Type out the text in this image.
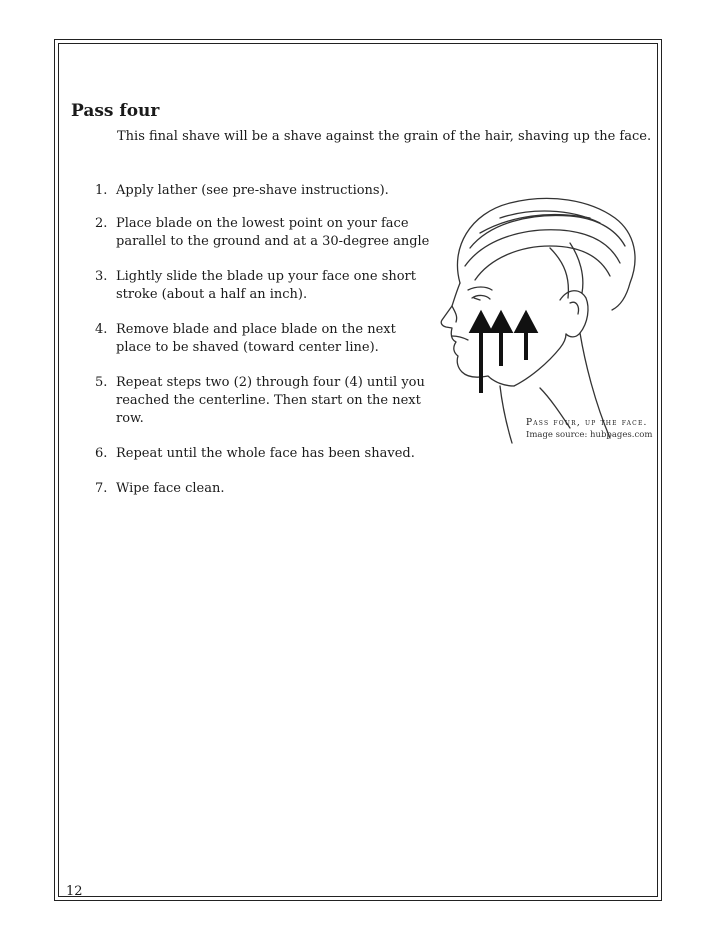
Pass four

This final shave will be a shave against the grain of the hair, shaving up the face.

1. Apply lather (see pre-shave instructions).
2. Place blade on the lowest point on your face parallel to the ground and at a 30-degree angle
3. Lightly slide the blade up your face one short stroke (about a half an inch).
4. Remove blade and place blade on the next place to be shaved (toward center line).
5. Repeat steps two (2) through four (4) until you reached the centerline. Then start on the next row.
6. Repeat until the whole face has been shaved.
7. Wipe face clean.
Pass four, up the face.
Image source: hubpages.com
12
